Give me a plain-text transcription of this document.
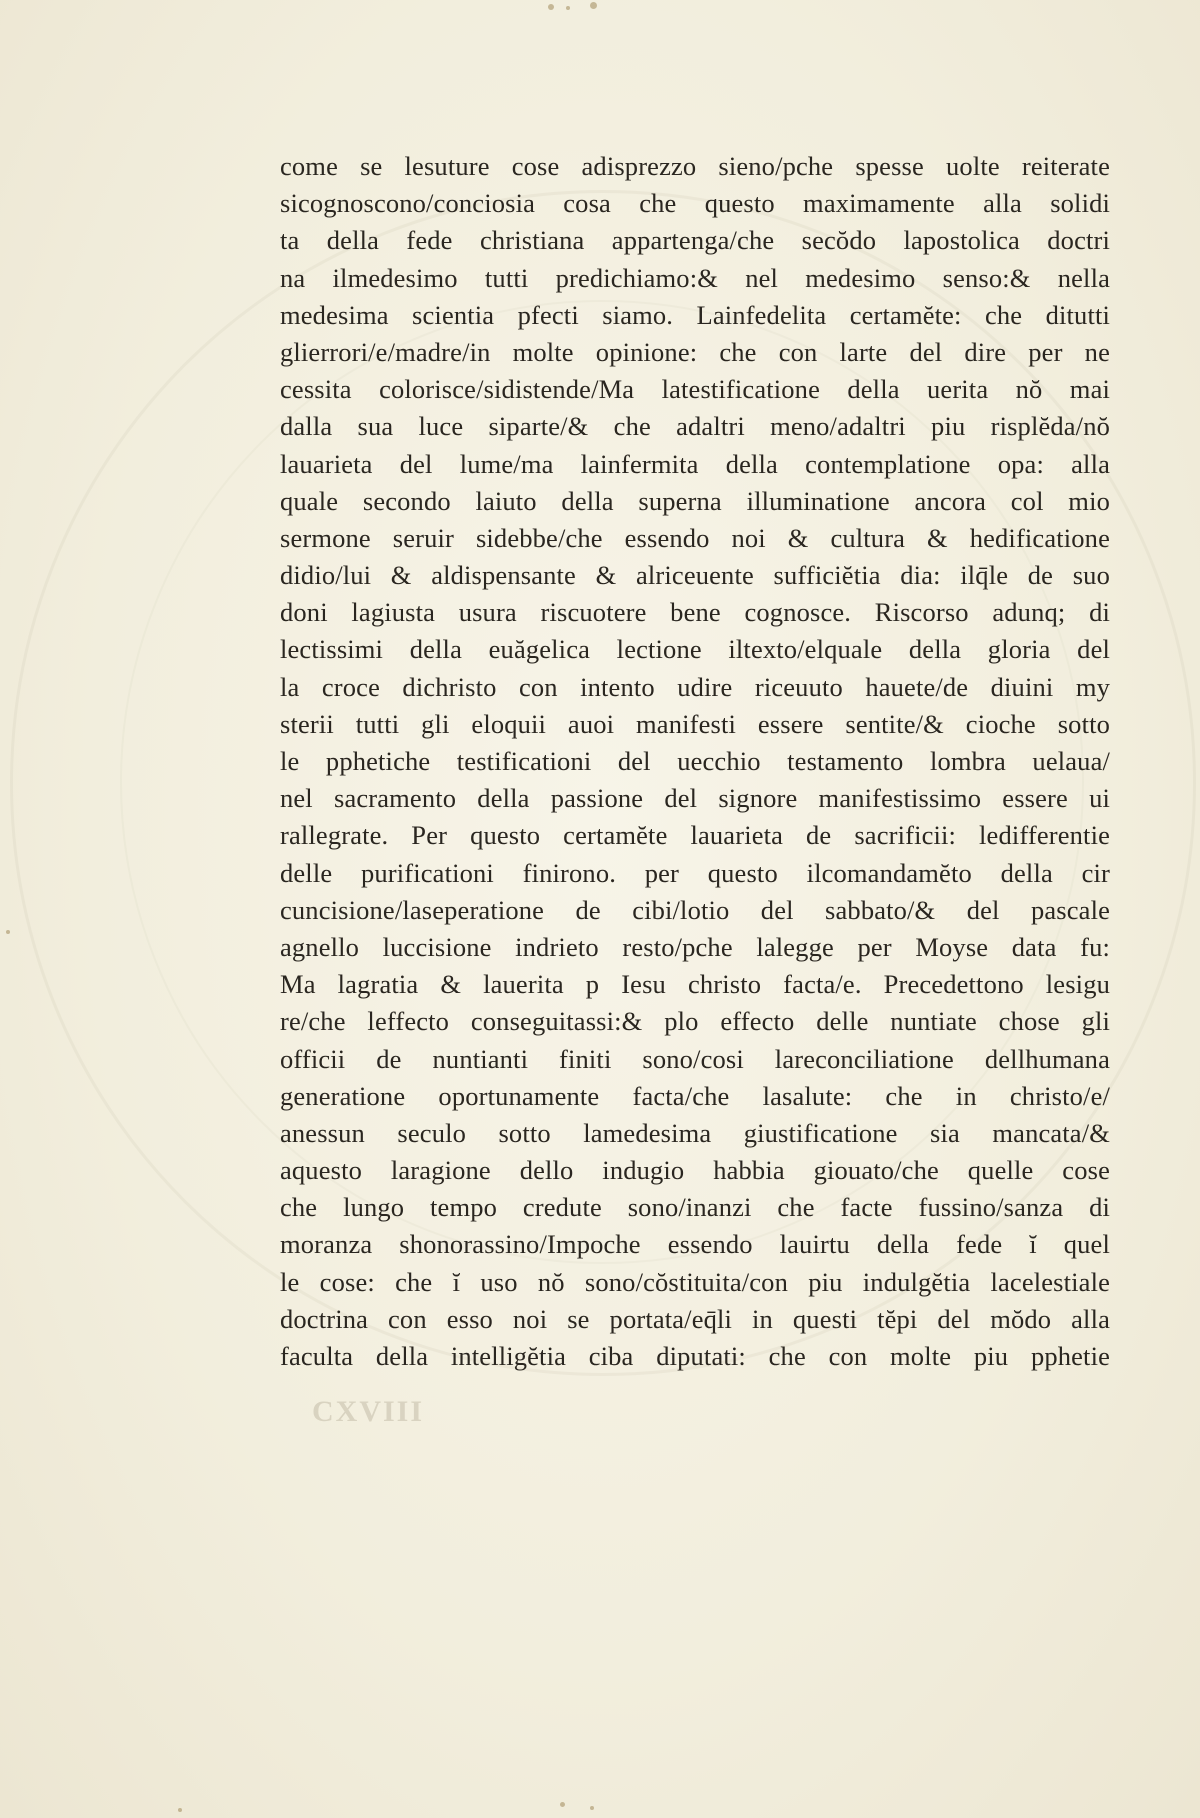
come se lesuture cose adispre​zzo sieno/pche spesse uolte reiterate
sicognoscono/conciosia cosa che questo maximamente alla solidi
ta della fede christiana appartenga/che secŏdo lapostolica doctri
na ilmedesimo tutti predichiamo:& nel medesimo senso:& nella
medesima scientia pfecti siamo. Lainfedelita certamĕte: che ditutti
glierrori/e/madre/in molte opinione: che con larte del dire per ne
cessita colorisce/sidistende/Ma latestificatione della uerita nŏ mai
dalla sua luce siparte/& che adaltri meno/adaltri piu risplĕda/nŏ
lauarieta del lume/ma lainfermita della contemplatione opa: alla
quale secondo laiuto della superna illuminatione ancora col mio
sermone seruir sidebbe/che essendo noi & cultura & hedificatione
didio/lui & aldispensante & alriceuente sufficiĕtia dia: ilq̄le de suo
doni lagiusta usura riscuotere bene cognosce. Riscorso adunq; di
lectissimi della euăgelica lectione iltexto/elquale della gloria del
la croce dichristo con intento udire riceuuto hauete/de diuini my
sterii tutti gli eloquii auoi manifesti essere sentite/& cioche sotto
le pphetiche testificationi del uecchio testamento lombra uelaua/
nel sacramento della passione del signore manifestissimo essere ui
rallegrate. Per questo certamĕte lauarieta de sacrificii: ledifferentie
delle purificationi finirono. per questo ilcomandamĕto della cir
cuncisione/laseperatione de cibi/lotio del sabbato/& del pascale
agnello luccisione indrieto resto/pche lalegge per Moyse data fu:
Ma lagratia & lauerita p Iesu christo facta/e. Precedettono lesigu
re/che leffecto conseguitassi:& plo effecto delle nuntiate chose gli
officii de nuntianti finiti sono/cosi lareconciliatione dellhumana
generatione oportunamente facta/che lasalute: che in christo/e/
anessun seculo sotto lamedesima giustificatione sia mancata/&
aquesto laragione dello indugio habbia giouato/che quelle cose
che lungo tempo credute sono/inanzi che facte fussino/sanza di
moranza shonorassino/Impoche essendo lauirtu della fede ĭ quel
le cose: che ĭ uso nŏ sono/cŏstituita/con piu indulgĕtia lacelestiale
doctrina con esso noi se portata/eq̄li in questi tĕpi del mŏdo alla
faculta della intelligĕtia ciba diputati: che con molte piu pphetie
CXVIII
